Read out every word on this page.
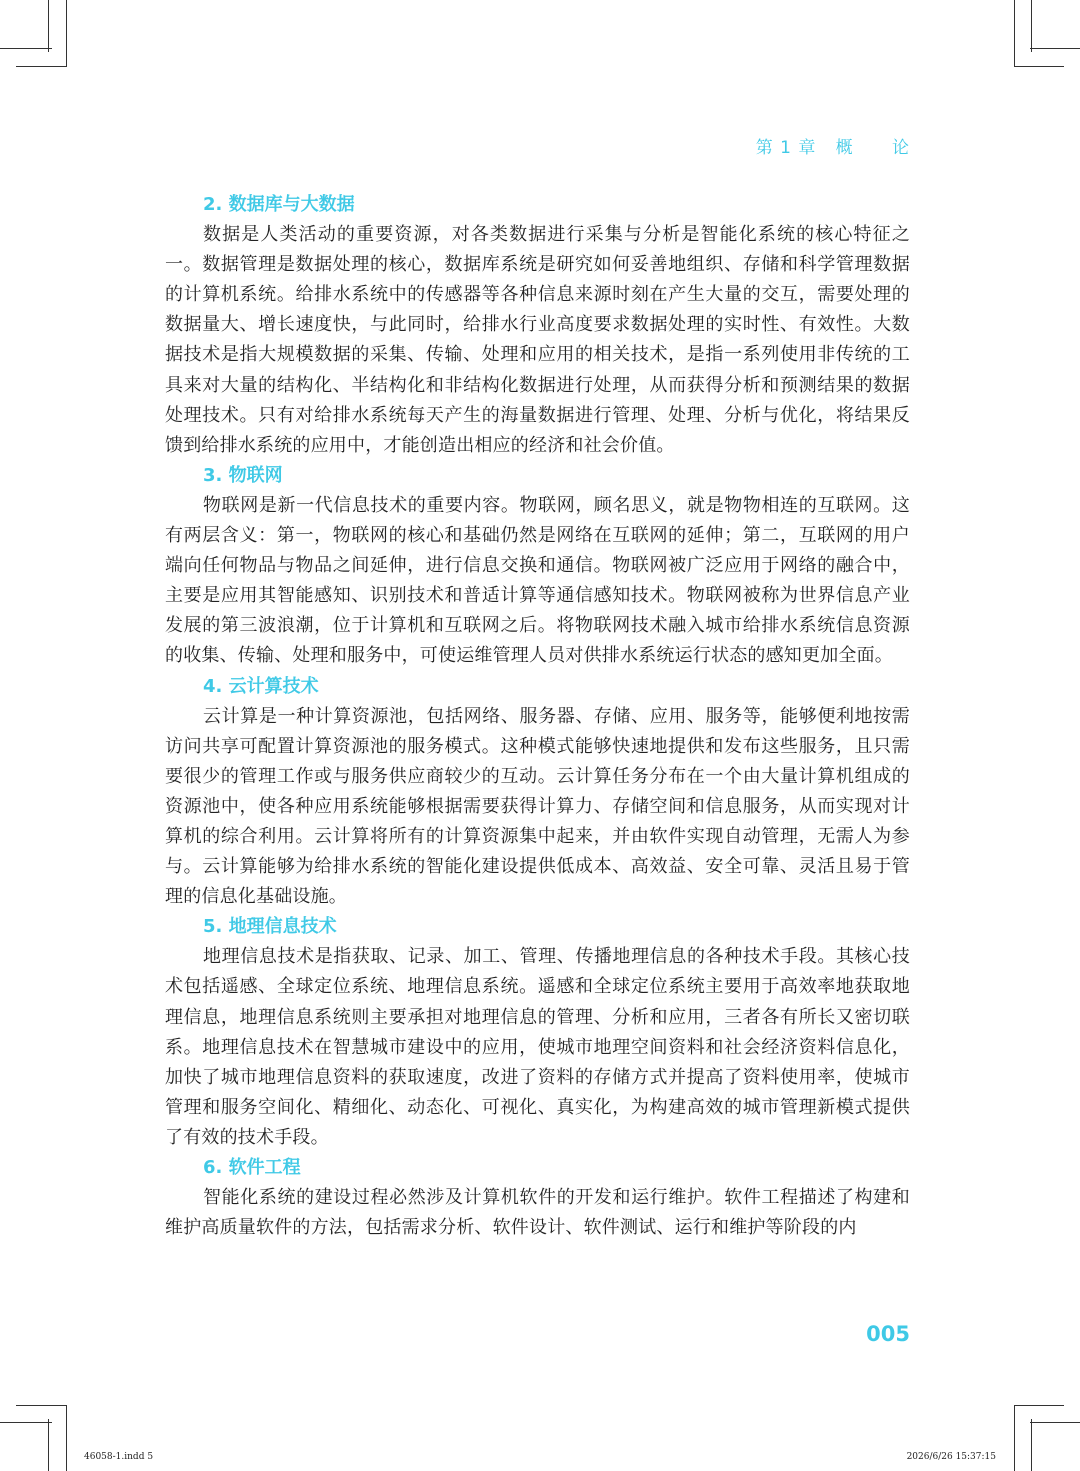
第 1 章   概      论
2. 数据库与大数据

数据是人类活动的重要资源，对各类数据进行采集与分析是智能化系统的核心特征之一。数据管理是数据处理的核心，数据库系统是研究如何妥善地组织、存储和科学管理数据的计算机系统。给排水系统中的传感器等各种信息来源时刻在产生大量的交互，需要处理的数据量大、增长速度快，与此同时，给排水行业高度要求数据处理的实时性、有效性。大数据技术是指大规模数据的采集、传输、处理和应用的相关技术，是指一系列使用非传统的工具来对大量的结构化、半结构化和非结构化数据进行处理，从而获得分析和预测结果的数据处理技术。只有对给排水系统每天产生的海量数据进行管理、处理、分析与优化，将结果反馈到给排水系统的应用中，才能创造出相应的经济和社会价值。

3. 物联网

物联网是新一代信息技术的重要内容。物联网，顾名思义，就是物物相连的互联网。这有两层含义：第一，物联网的核心和基础仍然是网络在互联网的延伸；第二，互联网的用户端向任何物品与物品之间延伸，进行信息交换和通信。物联网被广泛应用于网络的融合中，主要是应用其智能感知、识别技术和普适计算等通信感知技术。物联网被称为世界信息产业发展的第三波浪潮，位于计算机和互联网之后。将物联网技术融入城市给排水系统信息资源的收集、传输、处理和服务中，可使运维管理人员对供排水系统运行状态的感知更加全面。

4. 云计算技术

云计算是一种计算资源池，包括网络、服务器、存储、应用、服务等，能够便利地按需访问共享可配置计算资源池的服务模式。这种模式能够快速地提供和发布这些服务，且只需要很少的管理工作或与服务供应商较少的互动。云计算任务分布在一个由大量计算机组成的资源池中，使各种应用系统能够根据需要获得计算力、存储空间和信息服务，从而实现对计算机的综合利用。云计算将所有的计算资源集中起来，并由软件实现自动管理，无需人为参与。云计算能够为给排水系统的智能化建设提供低成本、高效益、安全可靠、灵活且易于管理的信息化基础设施。

5. 地理信息技术

地理信息技术是指获取、记录、加工、管理、传播地理信息的各种技术手段。其核心技术包括遥感、全球定位系统、地理信息系统。遥感和全球定位系统主要用于高效率地获取地理信息，地理信息系统则主要承担对地理信息的管理、分析和应用，三者各有所长又密切联系。地理信息技术在智慧城市建设中的应用，使城市地理空间资料和社会经济资料信息化，加快了城市地理信息资料的获取速度，改进了资料的存储方式并提高了资料使用率，使城市管理和服务空间化、精细化、动态化、可视化、真实化，为构建高效的城市管理新模式提供了有效的技术手段。

6. 软件工程

智能化系统的建设过程必然涉及计算机软件的开发和运行维护。软件工程描述了构建和维护高质量软件的方法，包括需求分析、软件设计、软件测试、运行和维护等阶段的内

005
46058-1.indd 5	2026/6/26 15:37:15
